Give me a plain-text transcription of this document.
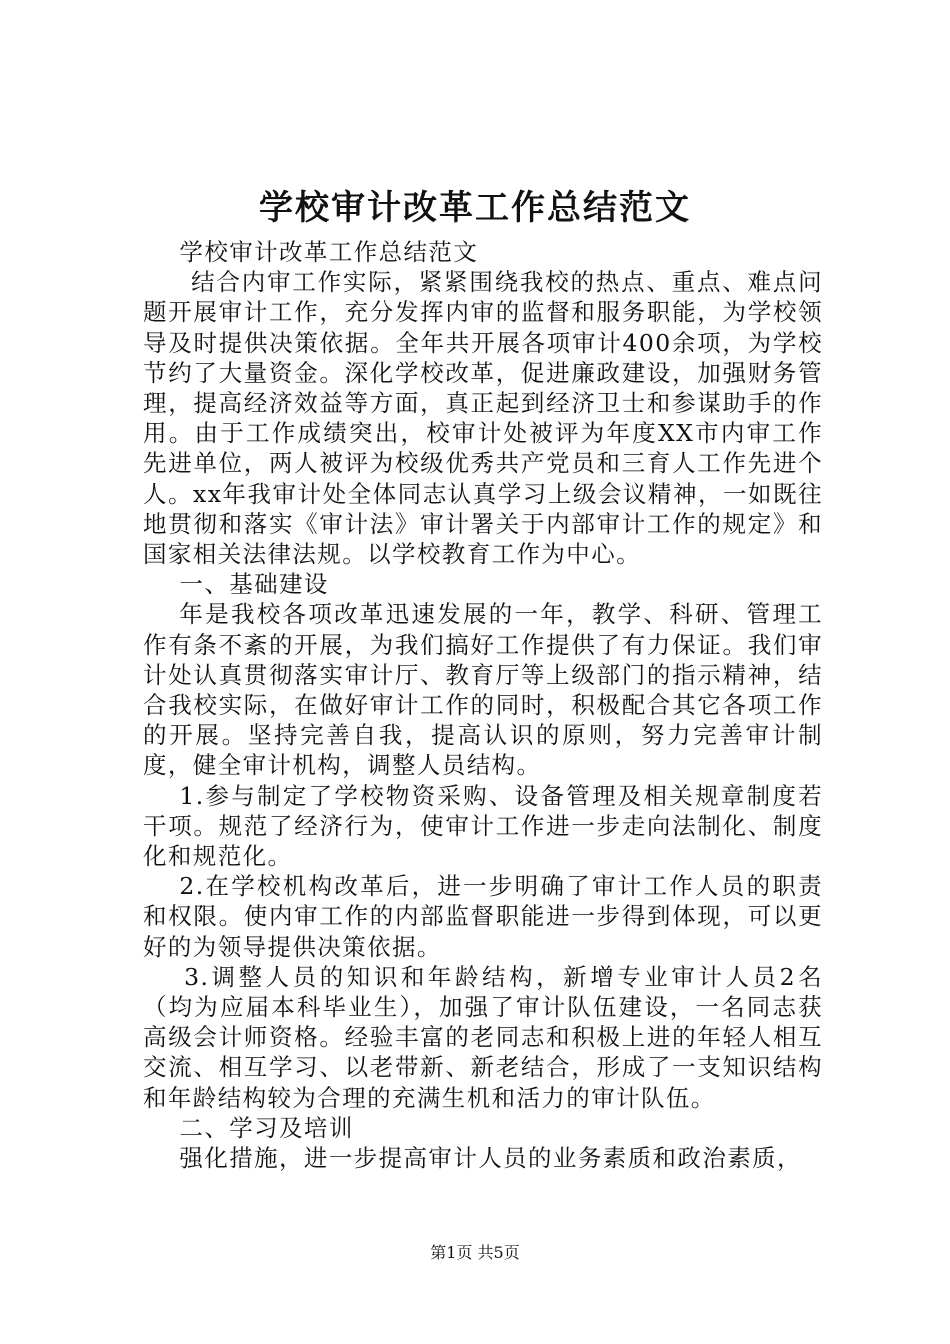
学校审计改革工作总结范文

学校审计改革工作总结范文

结合内审工作实际，紧紧围绕我校的热点、重点、难点问题开展审计工作，充分发挥内审的监督和服务职能，为学校领导及时提供决策依据。全年共开展各项审计400余项，为学校节约了大量资金。深化学校改革，促进廉政建设，加强财务管理，提高经济效益等方面，真正起到经济卫士和参谋助手的作用。由于工作成绩突出，校审计处被评为年度XX市内审工作先进单位，两人被评为校级优秀共产党员和三育人工作先进个人。xx年我审计处全体同志认真学习上级会议精神，一如既往地贯彻和落实《审计法》审计署关于内部审计工作的规定》和国家相关法律法规。以学校教育工作为中心。

一、基础建设

年是我校各项改革迅速发展的一年，教学、科研、管理工作有条不紊的开展，为我们搞好工作提供了有力保证。我们审计处认真贯彻落实审计厅、教育厅等上级部门的指示精神，结合我校实际，在做好审计工作的同时，积极配合其它各项工作的开展。坚持完善自我，提高认识的原则，努力完善审计制度，健全审计机构，调整人员结构。

1.参与制定了学校物资采购、设备管理及相关规章制度若干项。规范了经济行为，使审计工作进一步走向法制化、制度化和规范化。

2.在学校机构改革后，进一步明确了审计工作人员的职责和权限。使内审工作的内部监督职能进一步得到体现，可以更好的为领导提供决策依据。

3.调整人员的知识和年龄结构，新增专业审计人员2名（均为应届本科毕业生），加强了审计队伍建设，一名同志获高级会计师资格。经验丰富的老同志和积极上进的年轻人相互交流、相互学习、以老带新、新老结合，形成了一支知识结构和年龄结构较为合理的充满生机和活力的审计队伍。

二、学习及培训

强化措施，进一步提高审计人员的业务素质和政治素质，

第1页 共5页
